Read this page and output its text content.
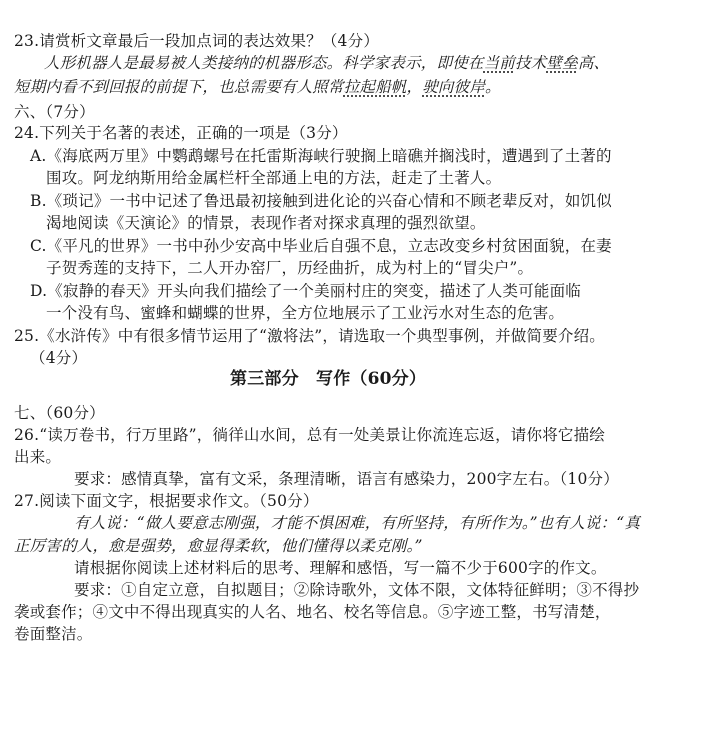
23.请赏析文章最后一段加点词的表达效果？（4分）
人形机器人是最易被人类接纳的机器形态。科学家表示，即使在当前技术壁垒高、
短期内看不到回报的前提下，也总需要有人照常拉起船帆，驶向彼岸。
六、（7分）
24.下列关于名著的表述，正确的一项是（3分）
A.《海底两万里》中鹦鹉螺号在托雷斯海峡行驶搁上暗礁并搁浅时，遭遇到了土著的
围攻。阿龙纳斯用给金属栏杆全部通上电的方法，赶走了土著人。
B.《琐记》一书中记述了鲁迅最初接触到进化论的兴奋心情和不顾老辈反对，如饥似
渴地阅读《天演论》的情景，表现作者对探求真理的强烈欲望。
C.《平凡的世界》一书中孙少安高中毕业后自强不息，立志改变乡村贫困面貌，在妻
子贺秀莲的支持下，二人开办窑厂，历经曲折，成为村上的“冒尖户”。
D.《寂静的春天》开头向我们描绘了一个美丽村庄的突变，描述了人类可能面临
一个没有鸟、蜜蜂和蝴蝶的世界，全方位地展示了工业污水对生态的危害。
25.《水浒传》中有很多情节运用了“激将法”，请选取一个典型事例，并做简要介绍。
（4分）
第三部分　写作（60分）
七、（60分）
26.“读万卷书，行万里路”，徜徉山水间，总有一处美景让你流连忘返，请你将它描绘
出来。
要求：感情真挚，富有文采，条理清晰，语言有感染力，200字左右。（10分）
27.阅读下面文字，根据要求作文。（50分）
有人说：“做人要意志刚强，才能不惧困难，有所坚持，有所作为。”也有人说：“真
正厉害的人，愈是强势，愈显得柔软，他们懂得以柔克刚。”
请根据你阅读上述材料后的思考、理解和感悟，写一篇不少于600字的作文。
要求：①自定立意，自拟题目；②除诗歌外，文体不限，文体特征鲜明；③不得抄
袭或套作；④文中不得出现真实的人名、地名、校名等信息。⑤字迹工整，书写清楚，
卷面整洁。
